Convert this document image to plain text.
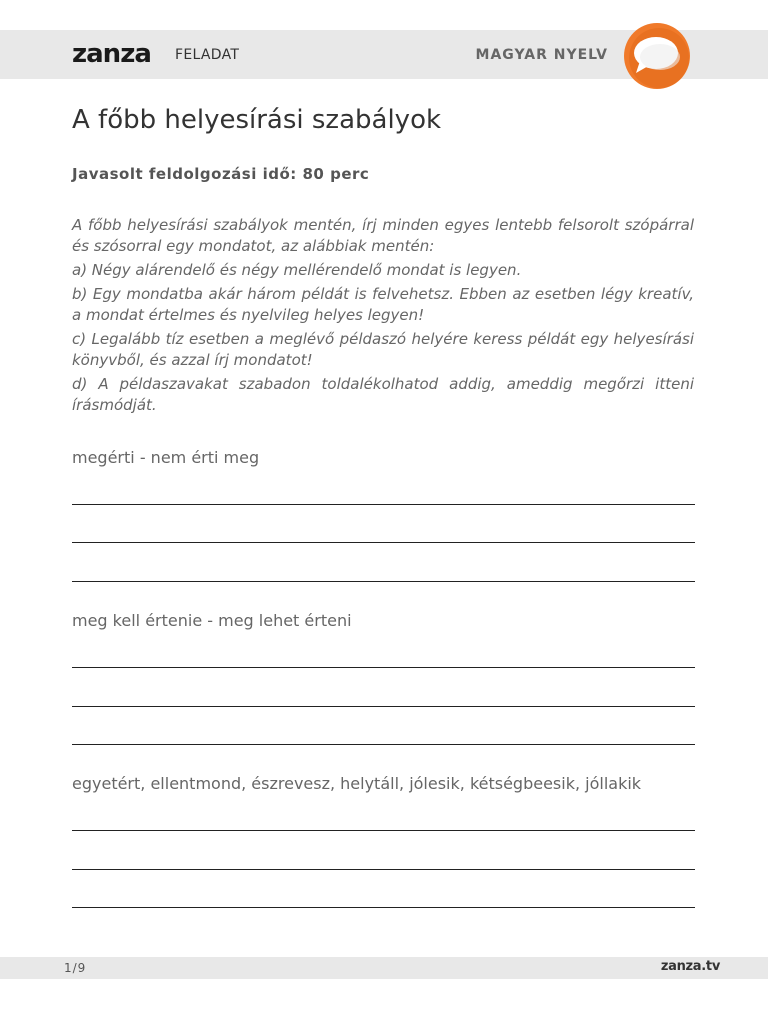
zanza FELADAT	MAGYAR NYELV
A főbb helyesírási szabályok
Javasolt feldolgozási idő: 80 perc

A főbb helyesírási szabályok mentén, írj minden egyes lentebb felsorolt szópárral és szósorral egy mondatot, az alábbiak mentén:

a) Négy alárendelő és négy mellérendelő mondat is legyen.

b) Egy mondatba akár három példát is felvehetsz. Ebben az esetben légy kreatív, a mondat értelmes és nyelvileg helyes legyen!

c) Legalább tíz esetben a meglévő példaszó helyére keress példát egy helyesírási könyvből, és azzal írj mondatot!

d) A példaszavakat szabadon toldalékolhatod addig, ameddig megőrzi itteni írásmódját.

megérti - nem érti meg
meg kell értenie - meg lehet érteni
egyetért, ellentmond, észrevesz, helytáll, jólesik, kétségbeesik, jóllakik
1/9	zanza.tv
